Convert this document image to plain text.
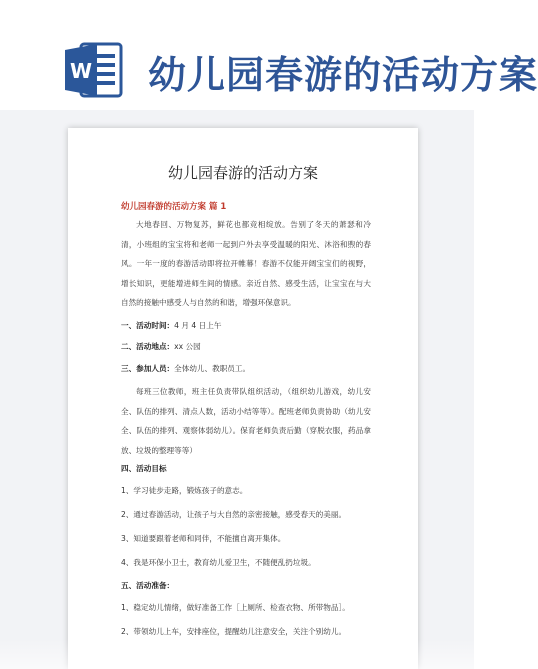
W 幼儿园春游的活动方案
幼儿园春游的活动方案
幼儿园春游的活动方案 篇 1
大地春回、万物复苏，鲜花也都竞相绽放。告别了冬天的萧瑟和冷清，小班组的宝宝将和老师一起到户外去享受温暖的阳光、沐浴和煦的春风。一年一度的春游活动即将拉开帷幕！春游不仅能开阔宝宝们的视野，增长知识，更能增进师生间的情感。亲近自然、感受生活，让宝宝在与大自然的接触中感受人与自然的和谐，增强环保意识。
一、活动时间：4 月 4 日上午
二、活动地点：xx 公园
三、参加人员：全体幼儿、教职员工。
每班三位教师，班主任负责带队组织活动，（组织幼儿游戏，幼儿安全、队伍的排列、清点人数，活动小结等等）。配班老师负责协助（幼儿安全、队伍的排列、观察体弱幼儿）。保育老师负责后勤（穿脱衣服，药品拿放、垃圾的整理等等）
四、活动目标
1、学习徒步走路，锻炼孩子的意志。
2、通过春游活动，让孩子与大自然的亲密接触，感受春天的美丽。
3、知道要跟着老师和同伴，不能擅自离开集体。
4、我是环保小卫士，教育幼儿爱卫生，不随便乱扔垃圾。
五、活动准备：
1、稳定幼儿情绪，做好准备工作［上厕所、检查衣物、所带物品］。
2、带领幼儿上车，安排座位，提醒幼儿注意安全，关注个别幼儿。
